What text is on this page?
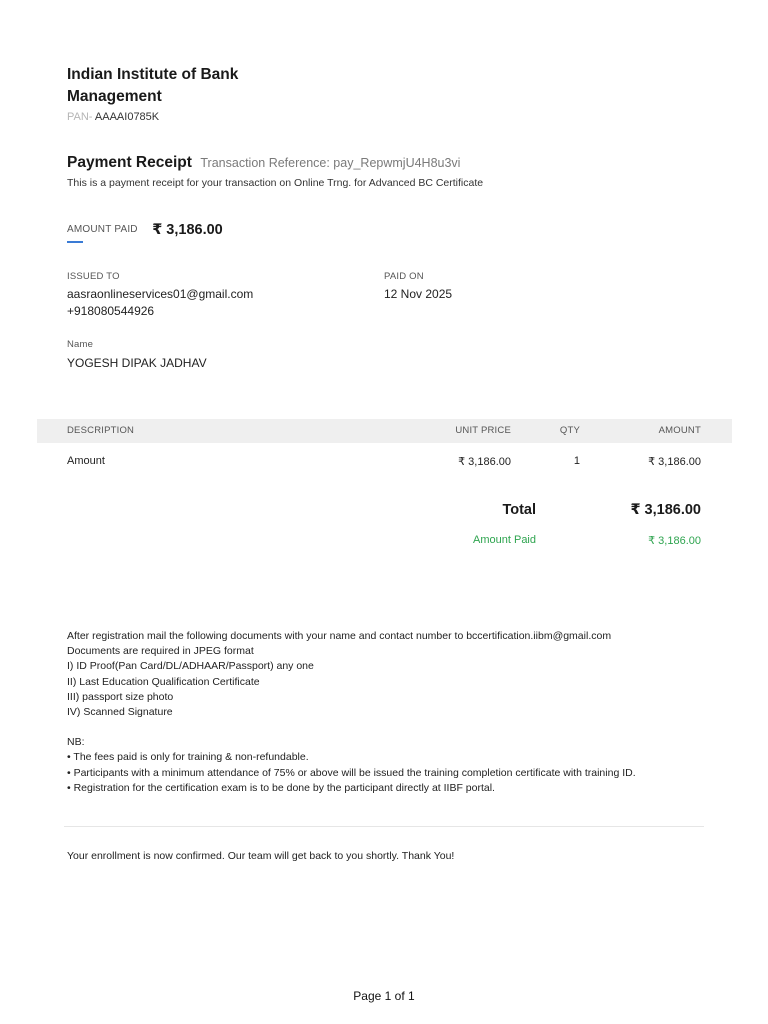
Indian Institute of Bank
Management
PAN- AAAAI0785K
Payment Receipt Transaction Reference: pay_RepwmjU4H8u3vi
This is a payment receipt for your transaction on Online Trng. for Advanced BC Certificate
AMOUNT PAID ₹ 3,186.00
ISSUED TO
aasraonlineservices01@gmail.com
+918080544926
PAID ON
12 Nov 2025
Name
YOGESH DIPAK JADHAV
DESCRIPTION	UNIT PRICE	QTY	AMOUNT
Amount	₹ 3,186.00	1	₹ 3,186.00
Total	₹ 3,186.00
Amount Paid	₹ 3,186.00
After registration mail the following documents with your name and contact number to bccertification.iibm@gmail.com
Documents are required in JPEG format
I) ID Proof(Pan Card/DL/ADHAAR/Passport) any one
II) Last Education Qualification Certificate
III) passport size photo
IV) Scanned Signature
NB:
• The fees paid is only for training & non-refundable.
• Participants with a minimum attendance of 75% or above will be issued the training completion certificate with training ID.
• Registration for the certification exam is to be done by the participant directly at IIBF portal.
Your enrollment is now confirmed. Our team will get back to you shortly. Thank You!
Page 1 of 1
